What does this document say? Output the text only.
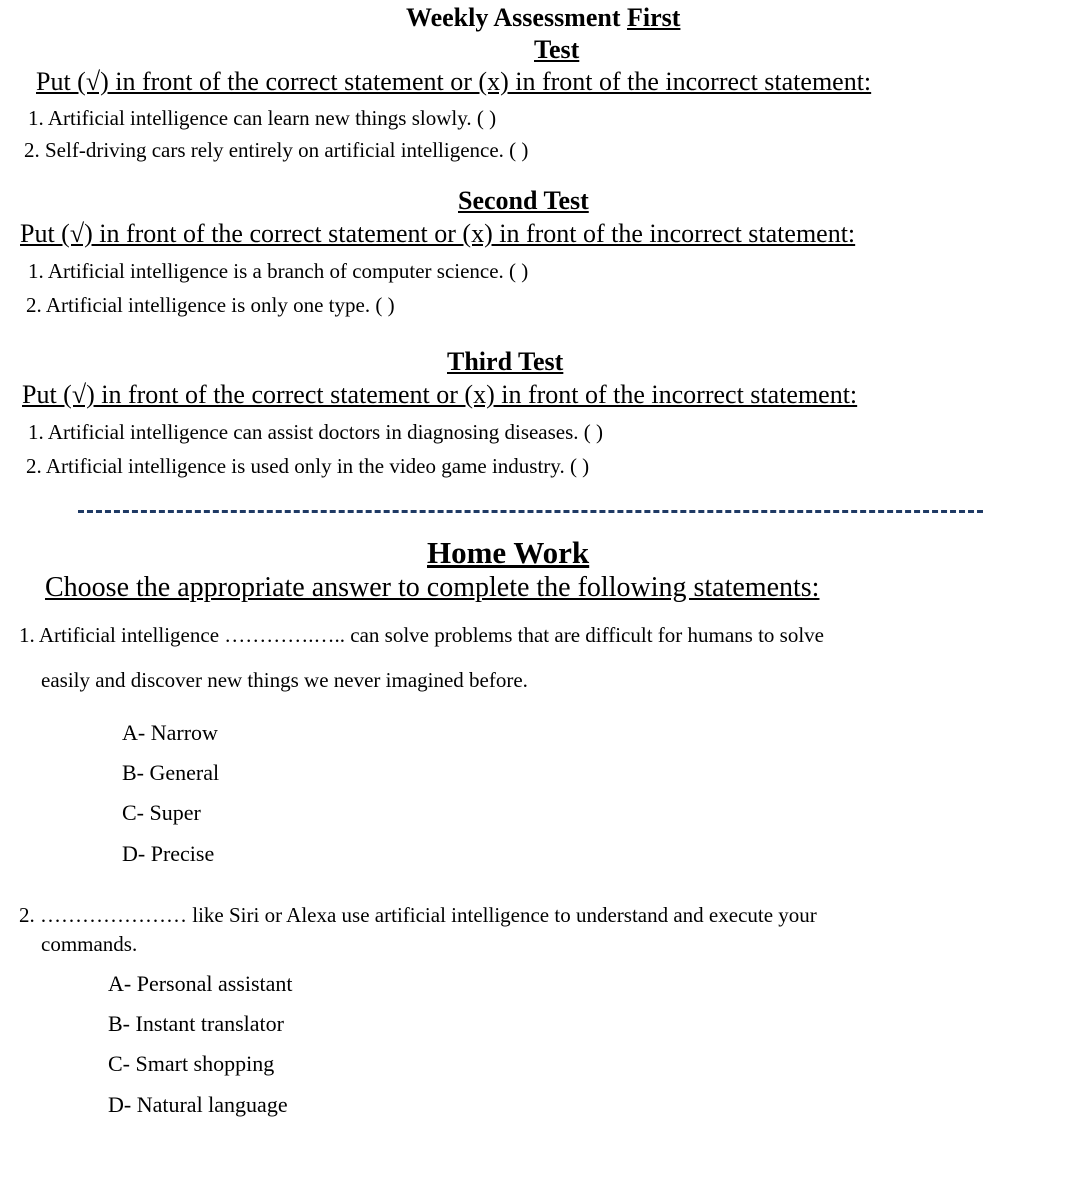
Weekly Assessment First
Test
Put (√) in front of the correct statement or (x) in front of the incorrect statement:
1. Artificial intelligence can learn new things slowly. ( )
2. Self-driving cars rely entirely on artificial intelligence. ( )
Second Test
Put (√) in front of the correct statement or (x) in front of the incorrect statement:
1. Artificial intelligence is a branch of computer science. ( )
2. Artificial intelligence is only one type. ( )
Third Test
Put (√) in front of the correct statement or (x) in front of the incorrect statement:
1. Artificial intelligence can assist doctors in diagnosing diseases. ( )
2. Artificial intelligence is used only in the video game industry. ( )
Home Work
Choose the appropriate answer to complete the following statements:
1. Artificial intelligence ………….….. can solve problems that are difficult for humans to solve
easily and discover new things we never imagined before.
A- Narrow
B- General
C- Super
D- Precise
2. ………………… like Siri or Alexa use artificial intelligence to understand and execute your
commands.
A- Personal assistant
B- Instant translator
C- Smart shopping
D- Natural language
